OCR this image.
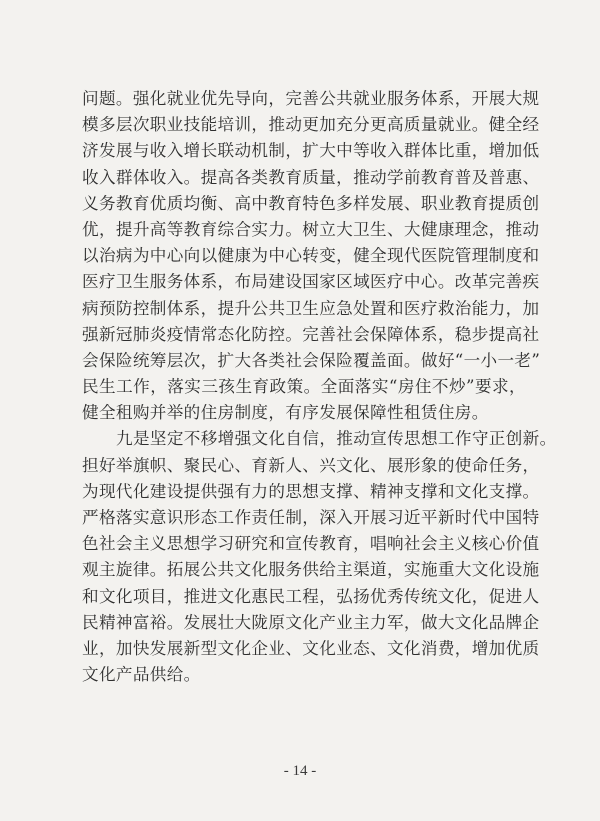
问题。强化就业优先导向，完善公共就业服务体系，开展大规
模多层次职业技能培训，推动更加充分更高质量就业。健全经
济发展与收入增长联动机制，扩大中等收入群体比重，增加低
收入群体收入。提高各类教育质量，推动学前教育普及普惠、
义务教育优质均衡、高中教育特色多样发展、职业教育提质创
优，提升高等教育综合实力。树立大卫生、大健康理念，推动
以治病为中心向以健康为中心转变，健全现代医院管理制度和
医疗卫生服务体系，布局建设国家区域医疗中心。改革完善疾
病预防控制体系，提升公共卫生应急处置和医疗救治能力，加
强新冠肺炎疫情常态化防控。完善社会保障体系，稳步提高社
会保险统筹层次，扩大各类社会保险覆盖面。做好“一小一老”
民生工作，落实三孩生育政策。全面落实“房住不炒”要求，
健全租购并举的住房制度，有序发展保障性租赁住房。
九是坚定不移增强文化自信，推动宣传思想工作守正创新。
担好举旗帜、聚民心、育新人、兴文化、展形象的使命任务，
为现代化建设提供强有力的思想支撑、精神支撑和文化支撑。
严格落实意识形态工作责任制，深入开展习近平新时代中国特
色社会主义思想学习研究和宣传教育，唱响社会主义核心价值
观主旋律。拓展公共文化服务供给主渠道，实施重大文化设施
和文化项目，推进文化惠民工程，弘扬优秀传统文化，促进人
民精神富裕。发展壮大陇原文化产业主力军，做大文化品牌企
业，加快发展新型文化企业、文化业态、文化消费，增加优质
文化产品供给。
- 14 -
